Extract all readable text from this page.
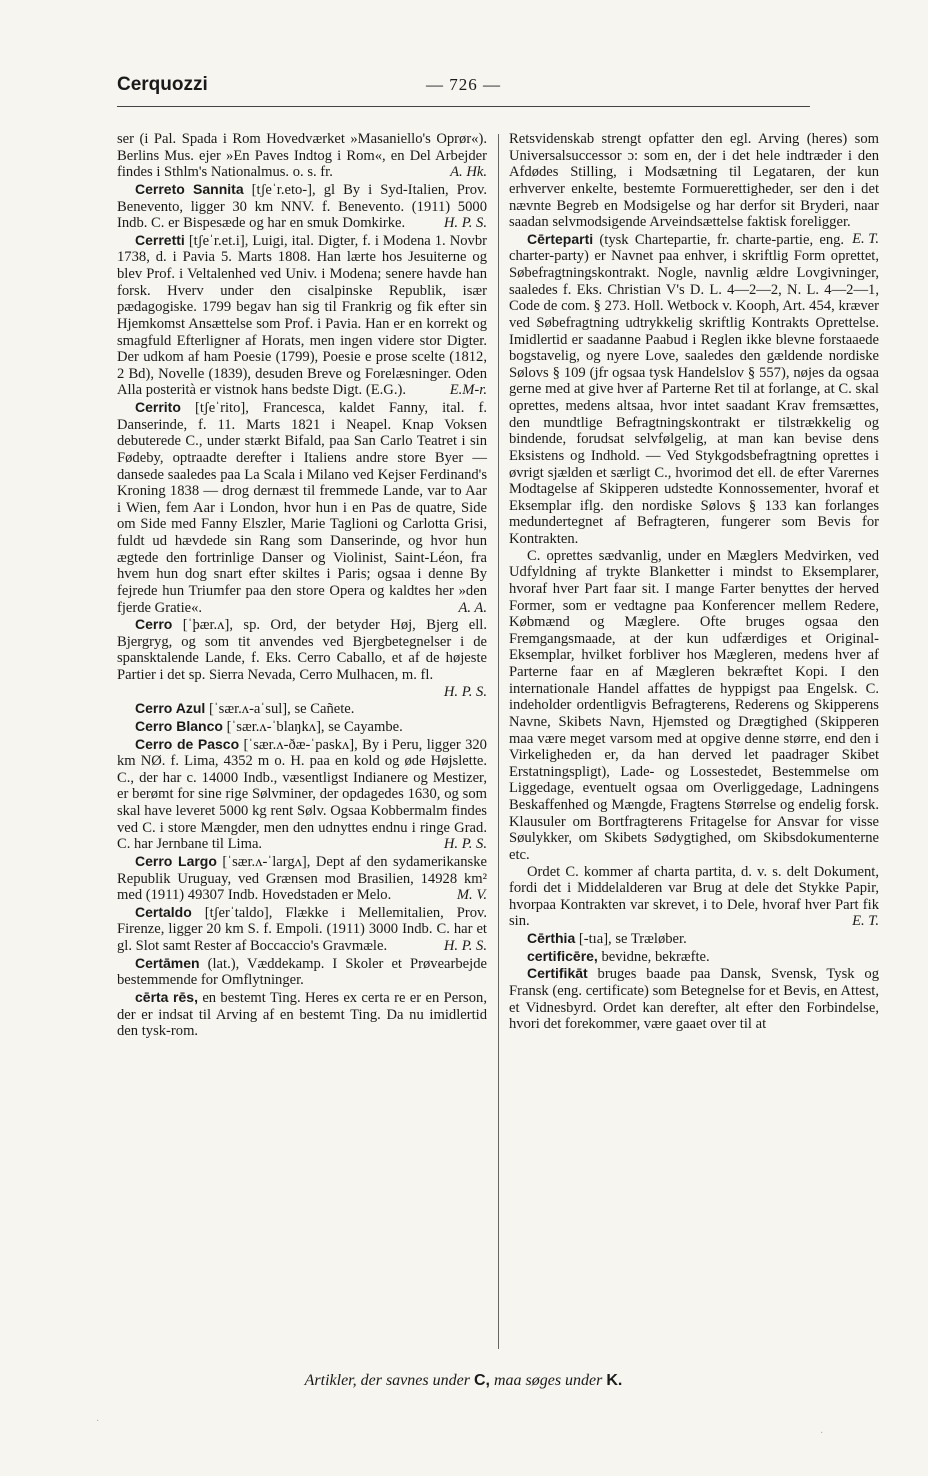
Cerquozzi	— 726 —

ser (i Pal. Spada i Rom Hovedværket »Masaniello's Oprør«). Berlins Mus. ejer »En Paves Indtog i Rom«, en Del Arbejder findes i Sthlm's Nationalmus. o. s. fr.	A. Hk.

Cerreto Sannita [tʃeˈr.eto-], gl By i Syd-Italien, Prov. Benevento, ligger 30 km NNV. f. Benevento. (1911) 5000 Indb. C. er Bispesæde og har en smuk Domkirke.	H. P. S.

Cerretti [tʃeˈr.et.i], Luigi, ital. Digter, f. i Modena 1. Novbr 1738, d. i Pavia 5. Marts 1808. Han lærte hos Jesuiterne og blev Prof. i Veltalenhed ved Univ. i Modena; senere havde han forsk. Hverv under den cisalpinske Republik, især pædagogiske. 1799 begav han sig til Frankrig og fik efter sin Hjemkomst Ansættelse som Prof. i Pavia. Han er en korrekt og smagfuld Efterligner af Horats, men ingen videre stor Digter. Der udkom af ham Poesie (1799), Poesie e prose scelte (1812, 2 Bd), Novelle (1839), desuden Breve og Forelæsninger. Oden Alla posterità er vistnok hans bedste Digt. (E.G.).	E.M-r.

Cerrito [tʃeˈrito], Francesca, kaldet Fanny, ital. f. Danserinde, f. 11. Marts 1821 i Neapel. Knap Voksen debuterede C., under stærkt Bifald, paa San Carlo Teatret i sin Fødeby, optraadte derefter i Italiens andre store Byer — dansede saaledes paa La Scala i Milano ved Kejser Ferdinand's Kroning 1838 — drog dernæst til fremmede Lande, var to Aar i Wien, fem Aar i London, hvor hun i en Pas de quatre, Side om Side med Fanny Elszler, Marie Taglioni og Carlotta Grisi, fuldt ud hævdede sin Rang som Danserinde, og hvor hun ægtede den fortrinlige Danser og Violinist, Saint-Léon, fra hvem hun dog snart efter skiltes i Paris; ogsaa i denne By fejrede hun Triumfer paa den store Opera og kaldtes her »den fjerde Gratie«.	A. A.

Cerro [ˈþær.ʌ], sp. Ord, der betyder Høj, Bjerg ell. Bjergryg, og som tit anvendes ved Bjergbetegnelser i de spansktalende Lande, f. Eks. Cerro Caballo, et af de højeste Partier i det sp. Sierra Nevada, Cerro Mulhacen, m. fl.

H. P. S.

Cerro Azul [ˈsær.ʌ-aˈsul], se Cañete.

Cerro Blanco [ˈsær.ʌ-ˈblaŋkʌ], se Cayambe.

Cerro de Pasco [ˈsær.ʌ-ðæ-ˈpaskʌ], By i Peru, ligger 320 km NØ. f. Lima, 4352 m o. H. paa en kold og øde Højslette. C., der har c. 14000 Indb., væsentligst Indianere og Mestizer, er berømt for sine rige Sølvminer, der opdagedes 1630, og som skal have leveret 5000 kg rent Sølv. Ogsaa Kobbermalm findes ved C. i store Mængder, men den udnyttes endnu i ringe Grad. C. har Jernbane til Lima.	H. P. S.

Cerro Largo [ˈsær.ʌ-ˈlargʌ], Dept af den sydamerikanske Republik Uruguay, ved Grænsen mod Brasilien, 14928 km² med (1911) 49307 Indb. Hovedstaden er Melo.	M. V.

Certaldo [tʃerˈtaldo], Flække i Mellemitalien, Prov. Firenze, ligger 20 km S. f. Empoli. (1911) 3000 Indb. C. har et gl. Slot samt Rester af Boccaccio's Gravmæle.	H. P. S.

Certāmen (lat.), Væddekamp. I Skoler et Prøvearbejde bestemmende for Omflytninger.

cērta rēs, en bestemt Ting. Heres ex certa re er en Person, der er indsat til Arving af en bestemt Ting. Da nu imidlertid den tysk-rom.

Retsvidenskab strengt opfatter den egl. Arving (heres) som Universalsuccessor ɔ: som en, der i det hele indtræder i den Afdødes Stilling, i Modsætning til Legataren, der kun erhverver enkelte, bestemte Formuerettigheder, ser den i det nævnte Begreb en Modsigelse og har derfor sit Bryderi, naar saadan selvmodsigende Arveindsættelse faktisk foreligger.
E. T.

Cērteparti (tysk Chartepartie, fr. charte-partie, eng. charter-party) er Navnet paa enhver, i skriftlig Form oprettet, Søbefragtningskontrakt. Nogle, navnlig ældre Lovgivninger, saaledes f. Eks. Christian V's D. L. 4—2—2, N. L. 4—2—1, Code de com. § 273. Holl. Wetbock v. Kooph, Art. 454, kræver ved Søbefragtning udtrykkelig skriftlig Kontrakts Oprettelse. Imidlertid er saadanne Paabud i Reglen ikke blevne forstaaede bogstavelig, og nyere Love, saaledes den gældende nordiske Sølovs § 109 (jfr ogsaa tysk Handelslov § 557), nøjes da ogsaa gerne med at give hver af Parterne Ret til at forlange, at C. skal oprettes, medens altsaa, hvor intet saadant Krav fremsættes, den mundtlige Befragtningskontrakt er tilstrækkelig og bindende, forudsat selvfølgelig, at man kan bevise dens Eksistens og Indhold. — Ved Stykgodsbefragtning oprettes i øvrigt sjælden et særligt C., hvorimod det ell. de efter Varernes Modtagelse af Skipperen udstedte Konnossementer, hvoraf et Eksemplar iflg. den nordiske Sølovs § 133 kan forlanges medundertegnet af Befragteren, fungerer som Bevis for Kontrakten.

C. oprettes sædvanlig, under en Mæglers Medvirken, ved Udfyldning af trykte Blanketter i mindst to Eksemplarer, hvoraf hver Part faar sit. I mange Farter benyttes der herved Former, som er vedtagne paa Konferencer mellem Redere, Købmænd og Mæglere. Ofte bruges ogsaa den Fremgangsmaade, at der kun udfærdiges et Original-Eksemplar, hvilket forbliver hos Mægleren, medens hver af Parterne faar en af Mægleren bekræftet Kopi. I den internationale Handel affattes de hyppigst paa Engelsk. C. indeholder ordentligvis Befragterens, Rederens og Skipperens Navne, Skibets Navn, Hjemsted og Drægtighed (Skipperen maa være meget varsom med at opgive denne større, end den i Virkeligheden er, da han derved let paadrager Skibet Erstatningspligt), Lade- og Lossestedet, Bestemmelse om Liggedage, eventuelt ogsaa om Overliggedage, Ladningens Beskaffenhed og Mængde, Fragtens Størrelse og endelig forsk. Klausuler om Bortfragterens Fritagelse for Ansvar for visse Søulykker, om Skibets Sødygtighed, om Skibsdokumenterne etc.

Ordet C. kommer af charta partita, d. v. s. delt Dokument, fordi det i Middelalderen var Brug at dele det Stykke Papir, hvorpaa Kontrakten var skrevet, i to Dele, hvoraf hver Part fik sin.	E. T.

Cērthia [-tıa], se Træløber.

certificēre, bevidne, bekræfte.

Certifikāt bruges baade paa Dansk, Svensk, Tysk og Fransk (eng. certificate) som Betegnelse for et Bevis, en Attest, et Vidnesbyrd. Ordet kan derefter, alt efter den Forbindelse, hvori det forekommer, være gaaet over til at

Artikler, der savnes under C, maa søges under K.
·
·
